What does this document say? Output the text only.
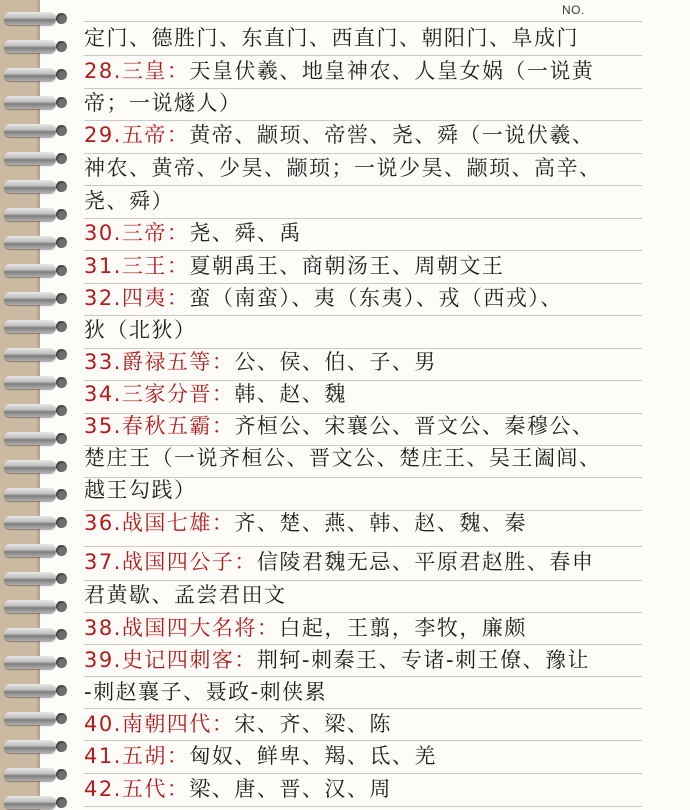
NO.
定门、德胜门、东直门、西直门、朝阳门、阜成门
28.三皇：天皇伏羲、地皇神农、人皇女娲（一说黄
帝；一说燧人）
29.五帝：黄帝、颛顼、帝喾、尧、舜（一说伏羲、
神农、黄帝、少昊、颛顼；一说少昊、颛顼、高辛、
尧、舜）
30.三帝：尧、舜、禹
31.三王：夏朝禹王、商朝汤王、周朝文王
32.四夷：蛮（南蛮）、夷（东夷）、戎（西戎）、
狄（北狄）
33.爵禄五等：公、侯、伯、子、男
34.三家分晋：韩、赵、魏
35.春秋五霸：齐桓公、宋襄公、晋文公、秦穆公、
楚庄王（一说齐桓公、晋文公、楚庄王、吴王阖闾、
越王勾践）
36.战国七雄：齐、楚、燕、韩、赵、魏、秦
37.战国四公子：信陵君魏无忌、平原君赵胜、春申
君黄歇、孟尝君田文
38.战国四大名将：白起，王翦，李牧，廉颇
39.史记四刺客：荆轲-刺秦王、专诸-刺王僚、豫让
-刺赵襄子、聂政-刺侠累
40.南朝四代：宋、齐、梁、陈
41.五胡：匈奴、鲜卑、羯、氐、羌
42.五代：梁、唐、晋、汉、周
